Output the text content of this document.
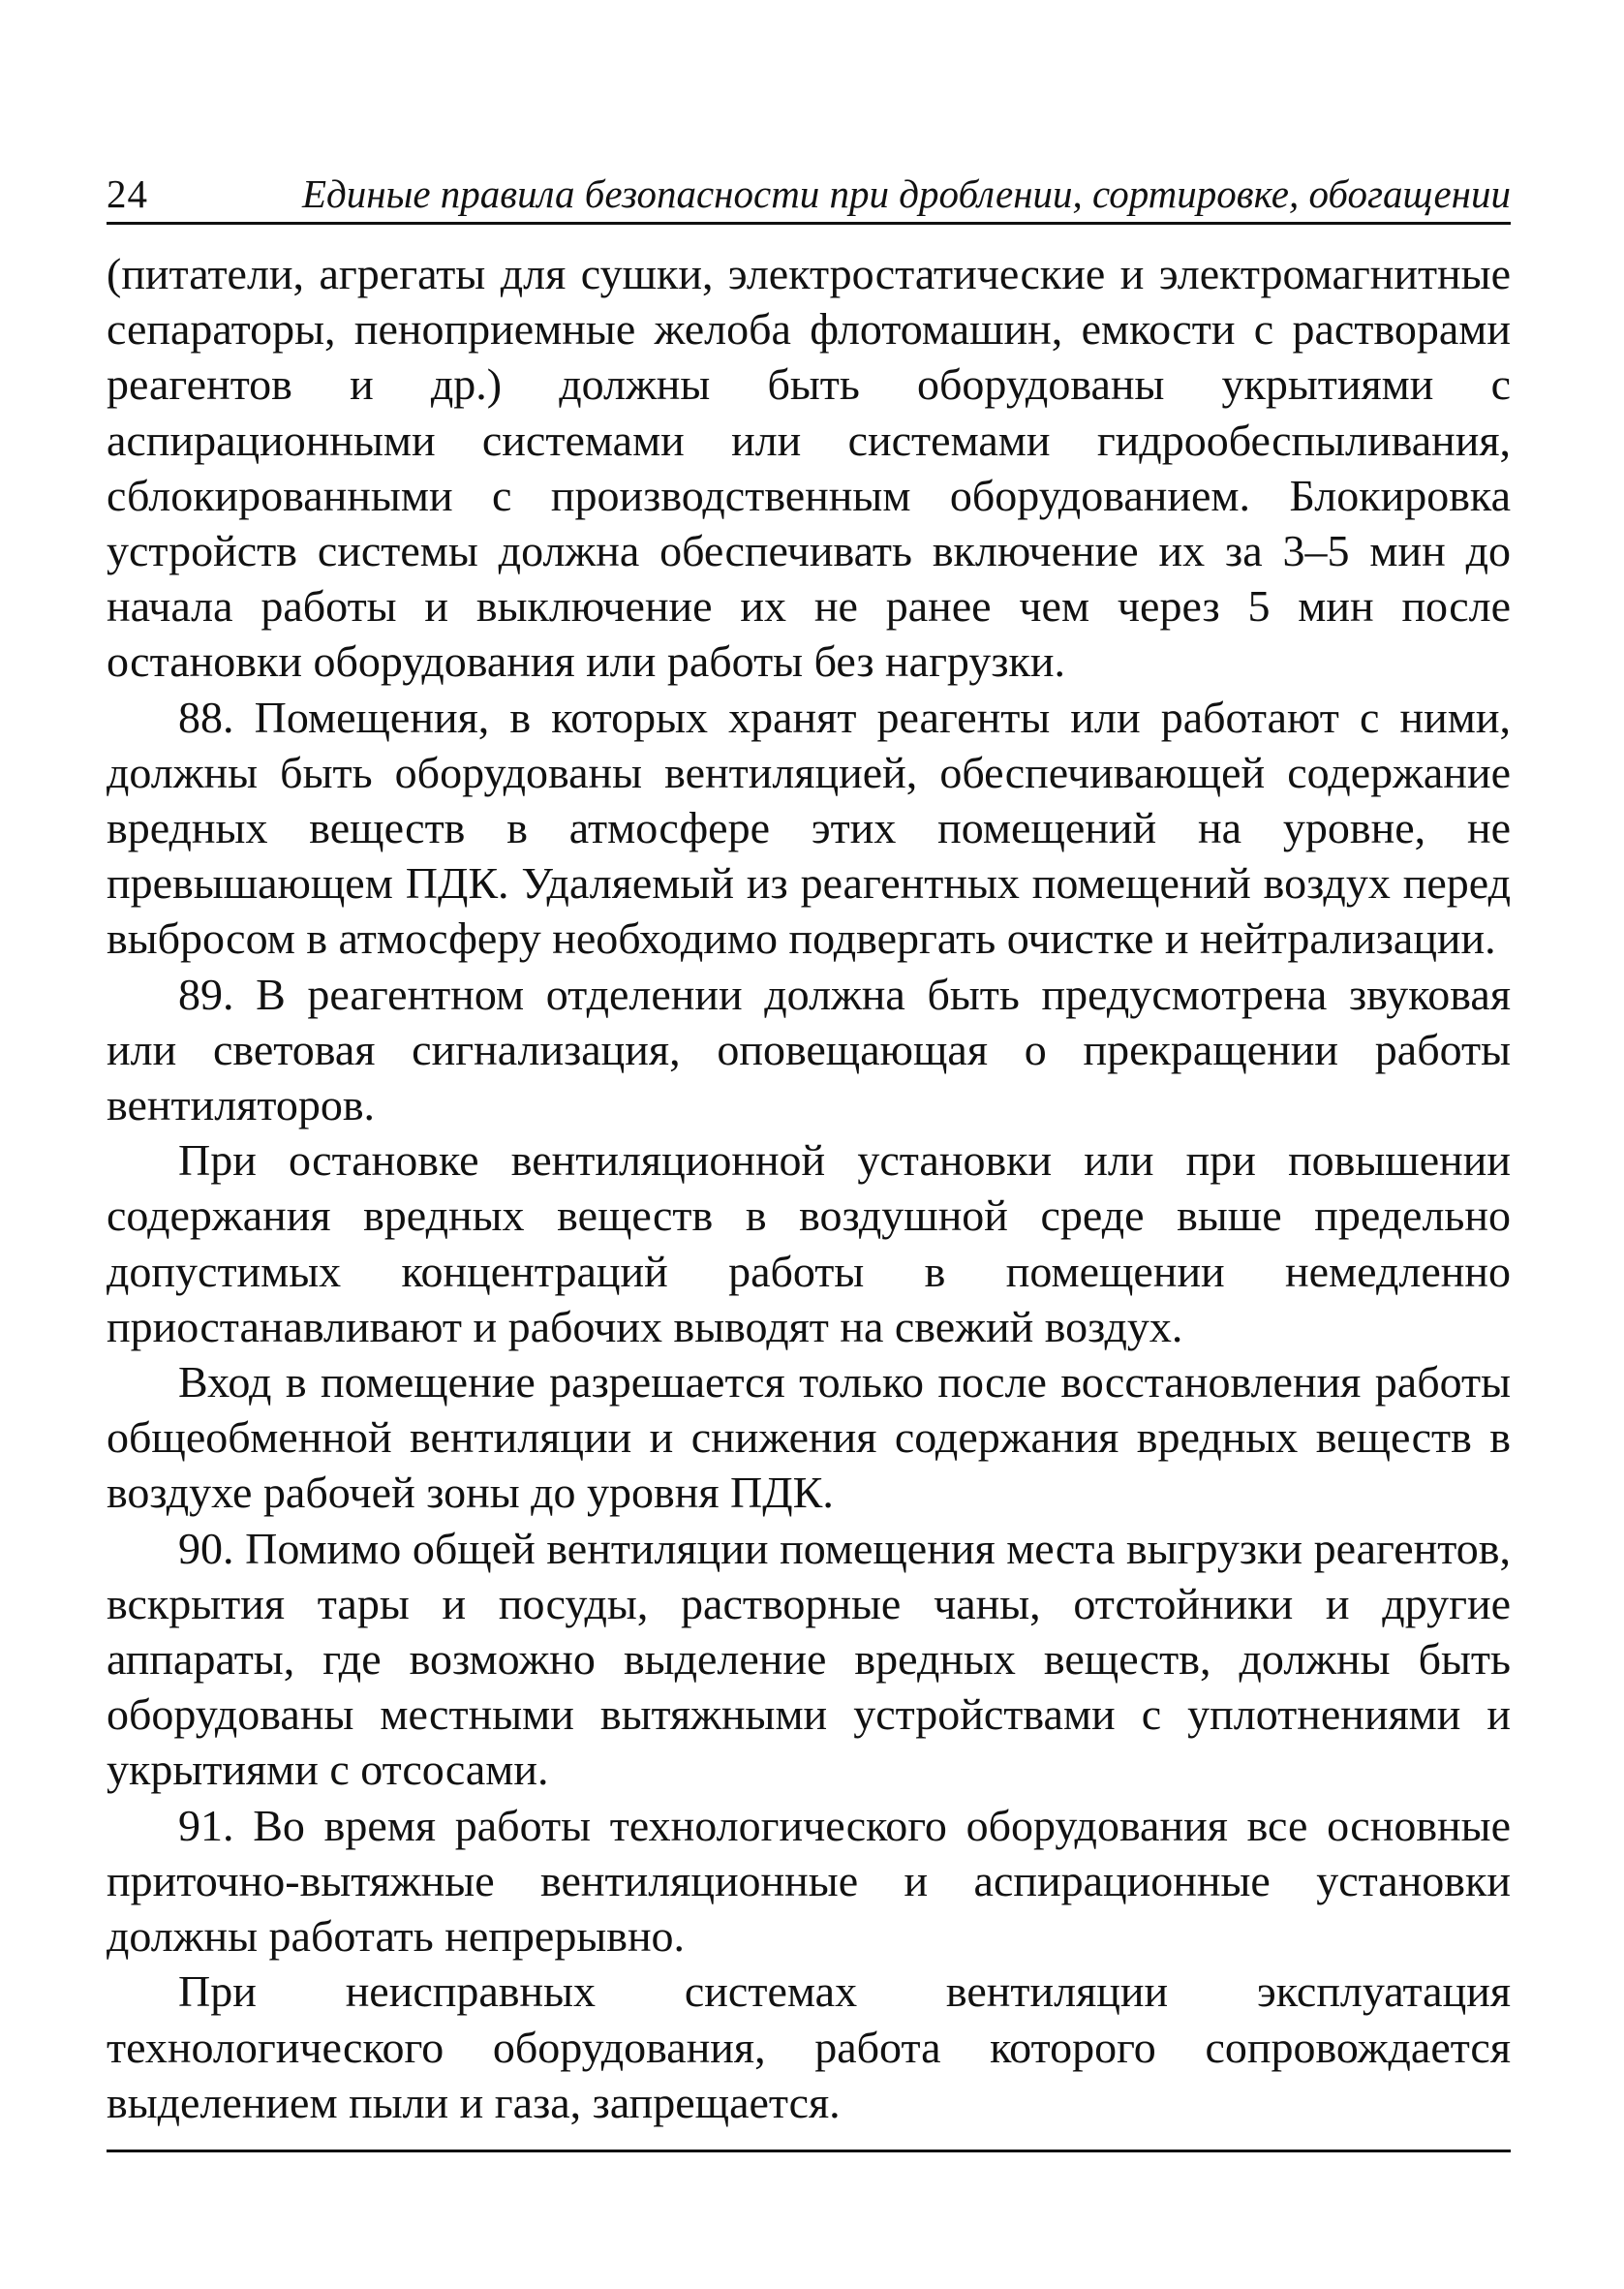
24	Единые правила безопасности при дроблении, сортировке, обогащении

(питатели, агрегаты для сушки, электростатические и электромагнитные сепараторы, пеноприемные желоба флотомашин, емкости с растворами реагентов и др.) должны быть оборудованы укрытиями с аспирационными системами или системами гидрообеспыливания, сблокированными с производственным оборудованием. Блокировка устройств системы должна обеспечивать включение их за 3–5 мин до начала работы и выключение их не ранее чем через 5 мин после остановки оборудования или работы без нагрузки.

88. Помещения, в которых хранят реагенты или работают с ними, должны быть оборудованы вентиляцией, обеспечивающей содержание вредных веществ в атмосфере этих помещений на уровне, не превышающем ПДК. Удаляемый из реагентных помещений воздух перед выбросом в атмосферу необходимо подвергать очистке и нейтрализации.

89. В реагентном отделении должна быть предусмотрена звуковая или световая сигнализация, оповещающая о прекращении работы вентиляторов.

При остановке вентиляционной установки или при повышении содержания вредных веществ в воздушной среде выше предельно допустимых концентраций работы в помещении немедленно приостанавливают и рабочих выводят на свежий воздух.

Вход в помещение разрешается только после восстановления работы общеобменной вентиляции и снижения содержания вредных веществ в воздухе рабочей зоны до уровня ПДК.

90. Помимо общей вентиляции помещения места выгрузки реагентов, вскрытия тары и посуды, растворные чаны, отстойники и другие аппараты, где возможно выделение вредных веществ, должны быть оборудованы местными вытяжными устройствами с уплотнениями и укрытиями с отсосами.

91. Во время работы технологического оборудования все основные приточно-вытяжные вентиляционные и аспирационные установки должны работать непрерывно.

При неисправных системах вентиляции эксплуатация технологического оборудования, работа которого сопровождается выделением пыли и газа, запрещается.
